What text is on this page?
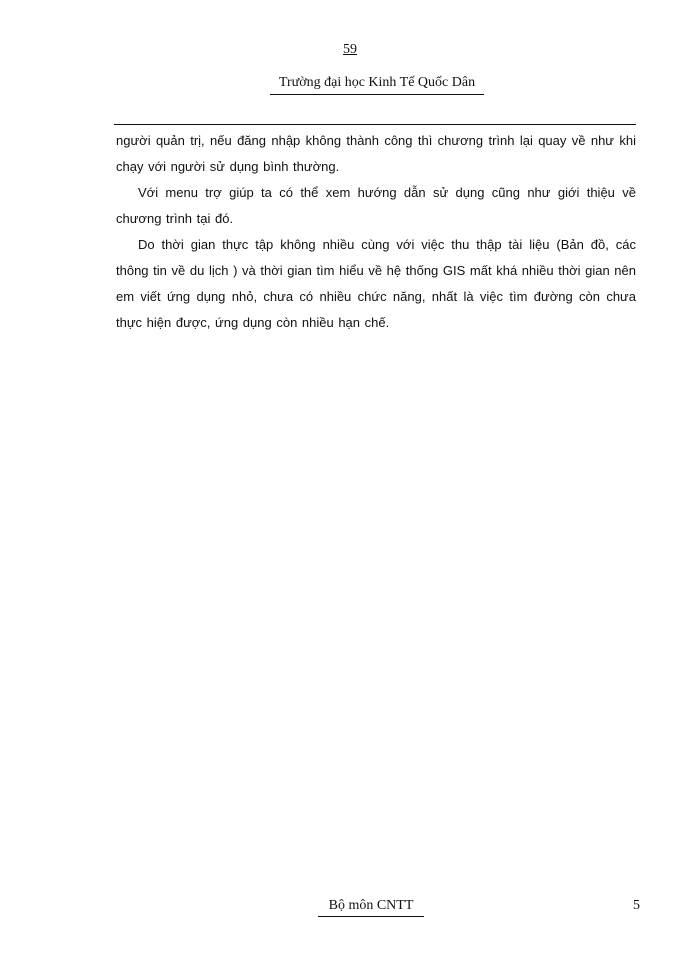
59
Trường đại học Kinh Tế Quốc Dân

người quản trị, nếu đăng nhập không thành công thì chương trình lại quay về như khi chạy với người sử dụng bình thường.

Với menu trợ giúp ta có thể xem hướng dẫn sử dụng cũng như giới thiệu về chương trình tại đó.

Do thời gian thực tập không nhiều cùng với việc thu thập tài liệu (Bản đồ, các thông tin về du lịch ) và thời gian tìm hiểu về hệ thống GIS mất khá nhiều thời gian nên em viết ứng dụng nhỏ, chưa có nhiều chức năng, nhất là việc tìm đường còn chưa thực hiện được, ứng dụng còn nhiều hạn chế.

Bộ môn CNTT	5
